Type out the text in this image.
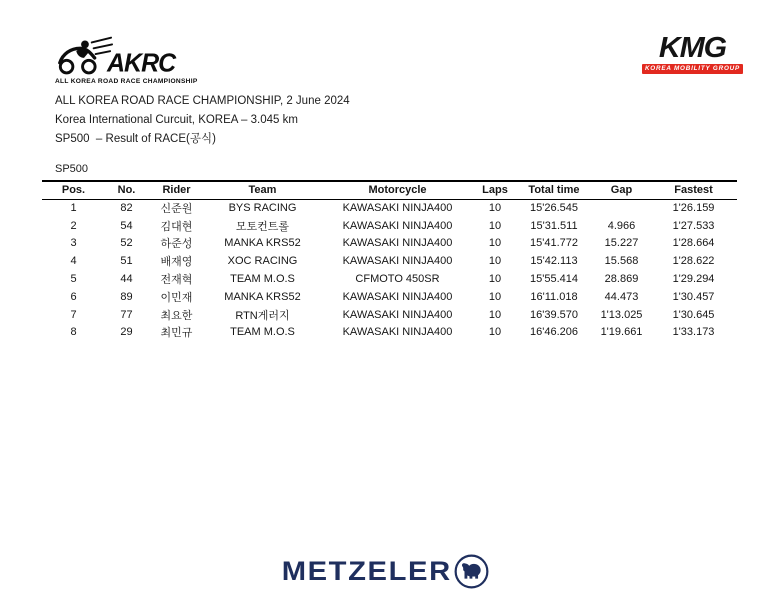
AKRC
ALL KOREA ROAD RACE CHAMPIONSHIP
KMG
KOREA MOBILITY GROUP
ALL KOREA ROAD RACE CHAMPIONSHIP, 2 June 2024
Korea International Curcuit, KOREA – 3.045 km
SP500  – Result of RACE(공식)
SP500
Pos.	No.	Rider	Team	Motorcycle	Laps	Total time	Gap	Fastest
1	82	신준원	BYS RACING	KAWASAKI NINJA400	10	15'26.545		1'26.159
2	54	김대현	모토컨트롤	KAWASAKI NINJA400	10	15'31.511	4.966	1'27.533
3	52	하준성	MANKA KRS52	KAWASAKI NINJA400	10	15'41.772	15.227	1'28.664
4	51	배재영	XOC RACING	KAWASAKI NINJA400	10	15'42.113	15.568	1'28.622
5	44	전재혁	TEAM M.O.S	CFMOTO 450SR	10	15'55.414	28.869	1'29.294
6	89	이민재	MANKA KRS52	KAWASAKI NINJA400	10	16'11.018	44.473	1'30.457
7	77	최요한	RTN게러지	KAWASAKI NINJA400	10	16'39.570	1'13.025	1'30.645
8	29	최민규	TEAM M.O.S	KAWASAKI NINJA400	10	16'46.206	1'19.661	1'33.173
METZELER
